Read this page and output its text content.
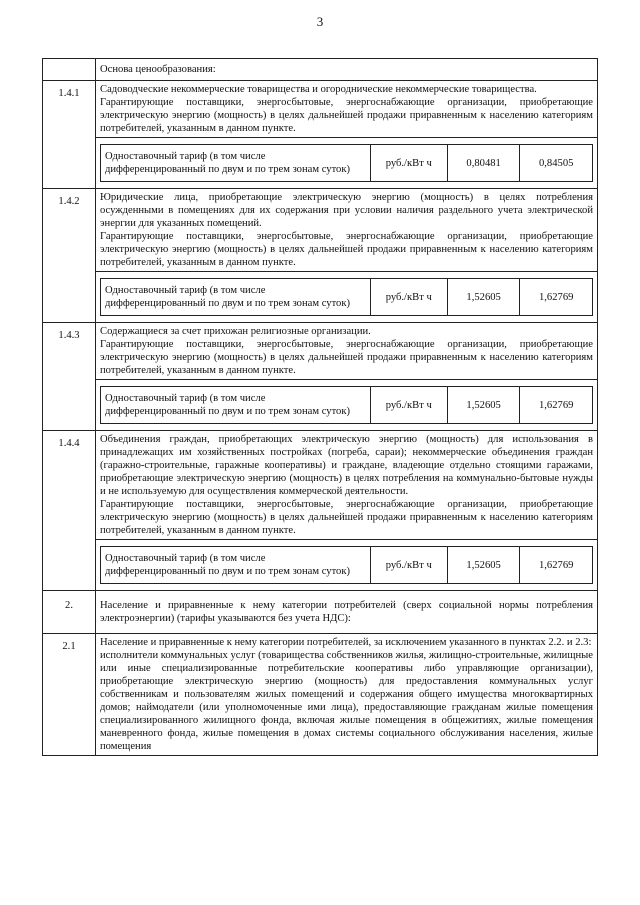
3
	Основа ценообразования:
1.4.1	Садоводческие некоммерческие товарищества и огороднические некоммерческие товарищества.

Гарантирующие поставщики, энергосбытовые, энергоснабжающие организации, приобретающие электрическую энергию (мощность) в целях дальнейшей продажи приравненным к населению категориям потребителей, указанным в данном пункте.

Одноставочный тариф (в том числе дифференцированный по двум и по трем зонам суток)	руб./кВт ч	0,80481	0,84505

1.4.2	Юридические лица, приобретающие электрическую энергию (мощность) в целях потребления осужденными в помещениях для их содержания при условии наличия раздельного учета электрической энергии для указанных помещений.

Гарантирующие поставщики, энергосбытовые, энергоснабжающие организации, приобретающие электрическую энергию (мощность) в целях дальнейшей продажи приравненным к населению категориям потребителей, указанным в данном пункте.

Одноставочный тариф (в том числе дифференцированный по двум и по трем зонам суток)	руб./кВт ч	1,52605	1,62769

1.4.3	Содержащиеся за счет прихожан религиозные организации.

Гарантирующие поставщики, энергосбытовые, энергоснабжающие организации, приобретающие электрическую энергию (мощность) в целях дальнейшей продажи приравненным к населению категориям потребителей, указанным в данном пункте.

Одноставочный тариф (в том числе дифференцированный по двум и по трем зонам суток)	руб./кВт ч	1,52605	1,62769

1.4.4	Объединения граждан, приобретающих электрическую энергию (мощность) для использования в принадлежащих им хозяйственных постройках (погреба, сараи); некоммерческие объединения граждан (гаражно-строительные, гаражные кооперативы) и граждане, владеющие отдельно стоящими гаражами, приобретающие электрическую энергию (мощность) в целях потребления на коммунально-бытовые нужды и не используемую для осуществления коммерческой деятельности.

Гарантирующие поставщики, энергосбытовые, энергоснабжающие организации, приобретающие электрическую энергию (мощность) в целях дальнейшей продажи приравненным к населению категориям потребителей, указанным в данном пункте.

Одноставочный тариф (в том числе дифференцированный по двум и по трем зонам суток)	руб./кВт ч	1,52605	1,62769

2.	Население и приравненные к нему категории потребителей (сверх социальной нормы потребления электроэнергии) (тарифы указываются без учета НДС):
2.1	Население и приравненные к нему категории потребителей, за исключением указанного в пунктах 2.2. и 2.3:

исполнители коммунальных услуг (товарищества собственников жилья, жилищно-строительные, жилищные или иные специализированные потребительские кооперативы либо управляющие организации), приобретающие электрическую энергию (мощность) для предоставления коммунальных услуг собственникам и пользователям жилых помещений и содержания общего имущества многоквартирных домов; наймодатели (или уполномоченные ими лица), предоставляющие гражданам жилые помещения специализированного жилищного фонда, включая жилые помещения в общежитиях, жилые помещения маневренного фонда, жилые помещения в домах системы социального обслуживания населения, жилые помещения
